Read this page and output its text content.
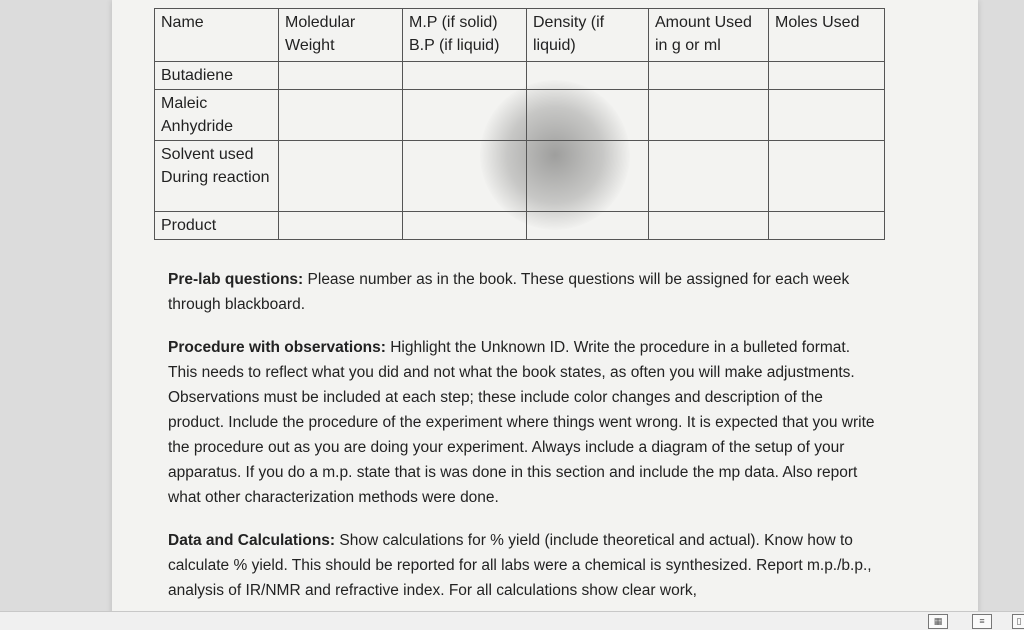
Name	Moledular Weight	M.P (if solid) B.P (if liquid)	Density (if liquid)	Amount Used in g or ml	Moles Used
Butadiene					
Maleic Anhydride					
Solvent used During reaction					
Product					
Pre-lab questions: Please number as in the book. These questions will be assigned for each week through blackboard.
Procedure with observations: Highlight the Unknown ID. Write the procedure in a bulleted format. This needs to reflect what you did and not what the book states, as often you will make adjustments. Observations must be included at each step; these include color changes and description of the product. Include the procedure of the experiment where things went wrong. It is expected that you write the procedure out as you are doing your experiment. Always include a diagram of the setup of your apparatus. If you do a m.p. state that is was done in this section and include the mp data. Also report what other characterization methods were done.
Data and Calculations: Show calculations for % yield (include theoretical and actual). Know how to calculate % yield. This should be reported for all labs were a chemical is synthesized. Report m.p./b.p., analysis of IR/NMR and refractive index. For all calculations show clear work,
▦	≡	▯
